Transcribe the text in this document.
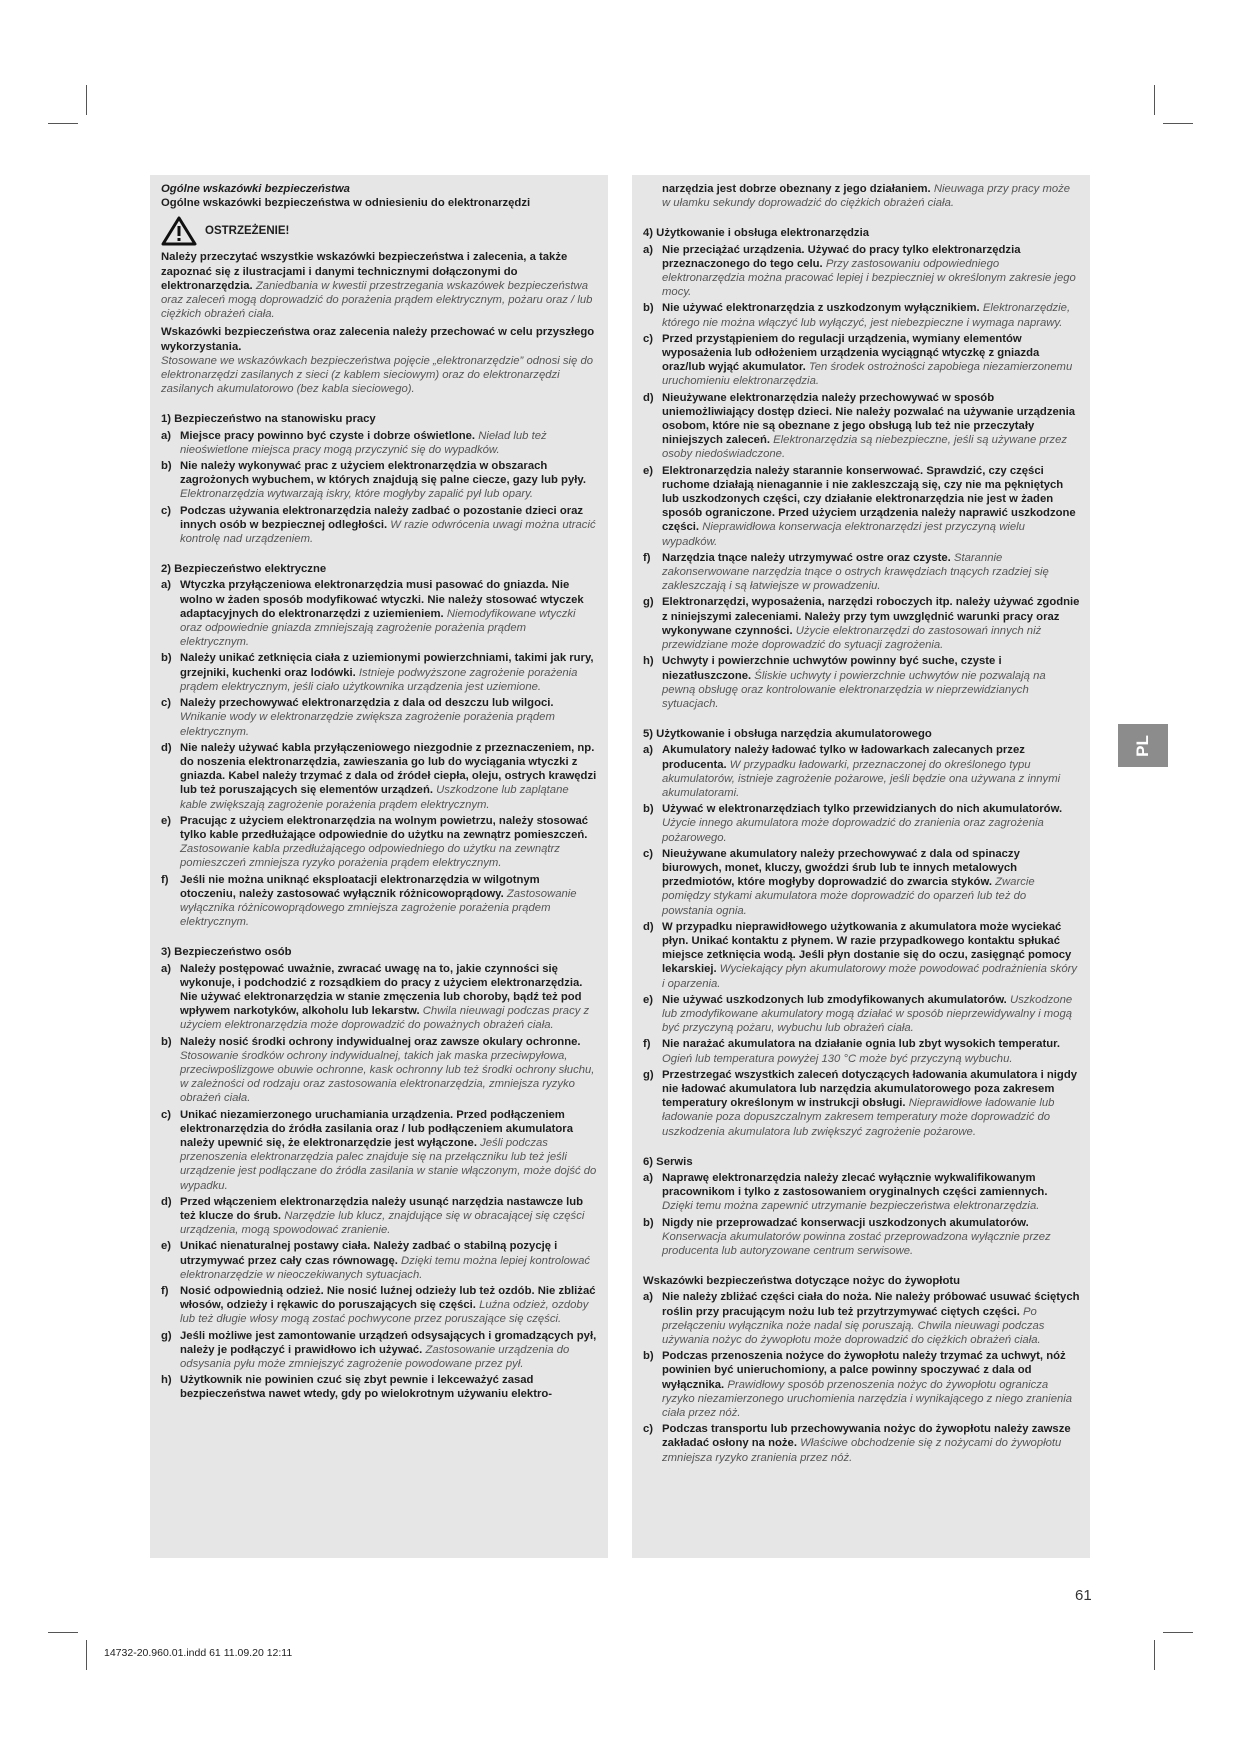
Ogólne wskazówki bezpieczeństwa

Ogólne wskazówki bezpieczeństwa w odniesieniu do elektronarzędzi

OSTRZEŻENIE!

Należy przeczytać wszystkie wskazówki bezpieczeństwa i zalecenia, a także zapoznać się z ilustracjami i danymi technicznymi dołączonymi do elektronarzędzia. Zaniedbania w kwestii przestrzegania wskazówek bezpieczeństwa oraz zaleceń mogą doprowadzić do porażenia prądem elektrycznym, pożaru oraz / lub ciężkich obrażeń ciała.

Wskazówki bezpieczeństwa oraz zalecenia należy przechować w celu przyszłego wykorzystania.

Stosowane we wskazówkach bezpieczeństwa pojęcie „elektronarzędzie” odnosi się do elektronarzędzi zasilanych z sieci (z kablem sieciowym) oraz do elektronarzędzi zasilanych akumulatorowo (bez kabla sieciowego).

1) Bezpieczeństwo na stanowisku pracy

a) Miejsce pracy powinno być czyste i dobrze oświetlone. Nieład lub też nieoświetlone miejsca pracy mogą przyczynić się do wypadków.
b) Nie należy wykonywać prac z użyciem elektronarzędzia w obszarach zagrożonych wybuchem, w których znajdują się palne ciecze, gazy lub pyły. Elektronarzędzia wytwarzają iskry, które mogłyby zapalić pył lub opary.
c) Podczas używania elektronarzędzia należy zadbać o pozostanie dzieci oraz innych osób w bezpiecznej odległości. W razie odwrócenia uwagi można utracić kontrolę nad urządzeniem.

2) Bezpieczeństwo elektryczne

a) Wtyczka przyłączeniowa elektronarzędzia musi pasować do gniazda. Nie wolno w żaden sposób modyfikować wtyczki. Nie należy stosować wtyczek adaptacyjnych do elektronarzędzi z uziemieniem. Niemodyfikowane wtyczki oraz odpowiednie gniazda zmniejszają zagrożenie porażenia prądem elektrycznym.
b) Należy unikać zetknięcia ciała z uziemionymi powierzchniami, takimi jak rury, grzejniki, kuchenki oraz lodówki. Istnieje podwyższone zagrożenie porażenia prądem elektrycznym, jeśli ciało użytkownika urządzenia jest uziemione.
c) Należy przechowywać elektronarzędzia z dala od deszczu lub wilgoci. Wnikanie wody w elektronarzędzie zwiększa zagrożenie porażenia prądem elektrycznym.
d) Nie należy używać kabla przyłączeniowego niezgodnie z przeznaczeniem, np. do noszenia elektronarzędzia, zawieszania go lub do wyciągania wtyczki z gniazda. Kabel należy trzymać z dala od źródeł ciepła, oleju, ostrych krawędzi lub też poruszających się elementów urządzeń. Uszkodzone lub zaplątane kable zwiększają zagrożenie porażenia prądem elektrycznym.
e) Pracując z użyciem elektronarzędzia na wolnym powietrzu, należy stosować tylko kable przedłużające odpowiednie do użytku na zewnątrz pomieszczeń. Zastosowanie kabla przedłużającego odpowiedniego do użytku na zewnątrz pomieszczeń zmniejsza ryzyko porażenia prądem elektrycznym.
f)	Jeśli nie można uniknąć eksploatacji elektronarzędzia w wilgotnym otoczeniu, należy zastosować wyłącznik różnicowoprądowy. Zastosowanie wyłącznika różnicowoprądowego zmniejsza zagrożenie porażenia prądem elektrycznym.

3) Bezpieczeństwo osób

a) Należy postępować uważnie, zwracać uwagę na to, jakie czynności się wykonuje, i podchodzić z rozsądkiem do pracy z użyciem elektronarzędzia. Nie używać elektronarzędzia w stanie zmęczenia lub choroby, bądź też pod wpływem narkotyków, alkoholu lub lekarstw. Chwila nieuwagi podczas pracy z użyciem elektronarzędzia może doprowadzić do poważnych obrażeń ciała.
b) Należy nosić środki ochrony indywidualnej oraz zawsze okulary ochronne. Stosowanie środków ochrony indywidualnej, takich jak maska przeciwpyłowa, przeciwpoślizgowe obuwie ochronne, kask ochronny lub też środki ochrony słuchu, w zależności od rodzaju oraz zastosowania elektronarzędzia, zmniejsza ryzyko obrażeń ciała.
c) Unikać niezamierzonego uruchamiania urządzenia. Przed podłączeniem elektronarzędzia do źródła zasilania oraz / lub podłączeniem akumulatora należy upewnić się, że elektronarzędzie jest wyłączone. Jeśli podczas przenoszenia elektronarzędzia palec znajduje się na przełączniku lub też jeśli urządzenie jest podłączane do źródła zasilania w stanie włączonym, może dojść do wypadku.
d) Przed włączeniem elektronarzędzia należy usunąć narzędzia nastawcze lub też klucze do śrub. Narzędzie lub klucz, znajdujące się w obracającej się części urządzenia, mogą spowodować zranienie.
e) Unikać nienaturalnej postawy ciała. Należy zadbać o stabilną pozycję i utrzymywać przez cały czas równowagę. Dzięki temu można lepiej kontrolować elektronarzędzie w nieoczekiwanych sytuacjach.
f)	Nosić odpowiednią odzież. Nie nosić luźnej odzieży lub też ozdób. Nie zbliżać włosów, odzieży i rękawic do poruszających się części. Luźna odzież, ozdoby lub też długie włosy mogą zostać pochwycone przez poruszające się części.
g) Jeśli możliwe jest zamontowanie urządzeń odsysających i gromadzących pył, należy je podłączyć i prawidłowo ich używać. Zastosowanie urządzenia do odsysania pyłu może zmniejszyć zagrożenie powodowane przez pył.
h) Użytkownik nie powinien czuć się zbyt pewnie i lekceważyć zasad bezpieczeństwa nawet wtedy, gdy po wielokrotnym używaniu elektro-
narzędzia jest dobrze obeznany z jego działaniem. Nieuwaga przy pracy może w ułamku sekundy doprowadzić do ciężkich obrażeń ciała.

4) Użytkowanie i obsługa elektronarzędzia

a) Nie przeciążać urządzenia. Używać do pracy tylko elektronarzędzia przeznaczonego do tego celu. Przy zastosowaniu odpowiedniego elektronarzędzia można pracować lepiej i bezpieczniej w określonym zakresie jego mocy.
b) Nie używać elektronarzędzia z uszkodzonym wyłącznikiem. Elektronarzędzie, którego nie można włączyć lub wyłączyć, jest niebezpieczne i wymaga naprawy.
c) Przed przystąpieniem do regulacji urządzenia, wymiany elementów wyposażenia lub odłożeniem urządzenia wyciągnąć wtyczkę z gniazda oraz/lub wyjąć akumulator. Ten środek ostrożności zapobiega niezamierzonemu uruchomieniu elektronarzędzia.
d) Nieużywane elektronarzędzia należy przechowywać w sposób uniemożliwiający dostęp dzieci. Nie należy pozwalać na używanie urządzenia osobom, które nie są obeznane z jego obsługą lub też nie przeczytały niniejszych zaleceń. Elektronarzędzia są niebezpieczne, jeśli są używane przez osoby niedoświadczone.
e) Elektronarzędzia należy starannie konserwować. Sprawdzić, czy części ruchome działają nienagannie i nie zakleszczają się, czy nie ma pękniętych lub uszkodzonych części, czy działanie elektronarzędzia nie jest w żaden sposób ograniczone. Przed użyciem urządzenia należy naprawić uszkodzone części. Nieprawidłowa konserwacja elektronarzędzi jest przyczyną wielu wypadków.
f)	Narzędzia tnące należy utrzymywać ostre oraz czyste. Starannie zakonserwowane narzędzia tnące o ostrych krawędziach tnących rzadziej się zakleszczają i są łatwiejsze w prowadzeniu.
g) Elektronarzędzi, wyposażenia, narzędzi roboczych itp. należy używać zgodnie z niniejszymi zaleceniami. Należy przy tym uwzględnić warunki pracy oraz wykonywane czynności. Użycie elektronarzędzi do zastosowań innych niż przewidziane może doprowadzić do sytuacji zagrożenia.
h) Uchwyty i powierzchnie uchwytów powinny być suche, czyste i niezatłuszczone. Śliskie uchwyty i powierzchnie uchwytów nie pozwalają na pewną obsługę oraz kontrolowanie elektronarzędzia w nieprzewidzianych sytuacjach.

5) Użytkowanie i obsługa narzędzia akumulatorowego

a) Akumulatory należy ładować tylko w ładowarkach zalecanych przez producenta. W przypadku ładowarki, przeznaczonej do określonego typu akumulatorów, istnieje zagrożenie pożarowe, jeśli będzie ona używana z innymi akumulatorami.
b) Używać w elektronarzędziach tylko przewidzianych do nich akumulatorów. Użycie innego akumulatora może doprowadzić do zranienia oraz zagrożenia pożarowego.
c) Nieużywane akumulatory należy przechowywać z dala od spinaczy biurowych, monet, kluczy, gwoździ śrub lub te innych metalowych przedmiotów, które mogłyby doprowadzić do zwarcia styków. Zwarcie pomiędzy stykami akumulatora może doprowadzić do oparzeń lub też do powstania ognia.
d) W przypadku nieprawidłowego użytkowania z akumulatora może wyciekać płyn. Unikać kontaktu z płynem. W razie przypadkowego kontaktu spłukać miejsce zetknięcia wodą. Jeśli płyn dostanie się do oczu, zasięgnąć pomocy lekarskiej. Wyciekający płyn akumulatorowy może powodować podrażnienia skóry i oparzenia.
e) Nie używać uszkodzonych lub zmodyfikowanych akumulatorów. Uszkodzone lub zmodyfikowane akumulatory mogą działać w sposób nieprzewidywalny i mogą być przyczyną pożaru, wybuchu lub obrażeń ciała.
f)	Nie narażać akumulatora na działanie ognia lub zbyt wysokich temperatur. Ogień lub temperatura powyżej 130 °C może być przyczyną wybuchu.
g) Przestrzegać wszystkich zaleceń dotyczących ładowania akumulatora i nigdy nie ładować akumulatora lub narzędzia akumulatorowego poza zakresem temperatury określonym w instrukcji obsługi. Nieprawidłowe ładowanie lub ładowanie poza dopuszczalnym zakresem temperatury może doprowadzić do uszkodzenia akumulatora lub zwiększyć zagrożenie pożarowe.

6) Serwis

a) Naprawę elektronarzędzia należy zlecać wyłącznie wykwalifikowanym pracownikom i tylko z zastosowaniem oryginalnych części zamiennych. Dzięki temu można zapewnić utrzymanie bezpieczeństwa elektronarzędzia.
b) Nigdy nie przeprowadzać konserwacji uszkodzonych akumulatorów. Konserwacja akumulatorów powinna zostać przeprowadzona wyłącznie przez producenta lub autoryzowane centrum serwisowe.

Wskazówki bezpieczeństwa dotyczące nożyc do żywopłotu

a) Nie należy zbliżać części ciała do noża. Nie należy próbować usuwać ściętych roślin przy pracującym nożu lub też przytrzymywać ciętych części. Po przełączeniu wyłącznika noże nadal się poruszają. Chwila nieuwagi podczas używania nożyc do żywopłotu może doprowadzić do ciężkich obrażeń ciała.
b) Podczas przenoszenia nożyce do żywopłotu należy trzymać za uchwyt, nóż powinien być unieruchomiony, a palce powinny spoczywać z dala od wyłącznika. Prawidłowy sposób przenoszenia nożyc do żywopłotu ogranicza ryzyko niezamierzonego uruchomienia narzędzia i wynikającego z niego zranienia ciała przez nóż.
c) Podczas transportu lub przechowywania nożyc do żywopłotu należy zawsze zakładać osłony na noże. Właściwe obchodzenie się z nożycami do żywopłotu zmniejsza ryzyko zranienia przez nóż.
PL
61
14732-20.960.01.indd 61 11.09.20 12:11
